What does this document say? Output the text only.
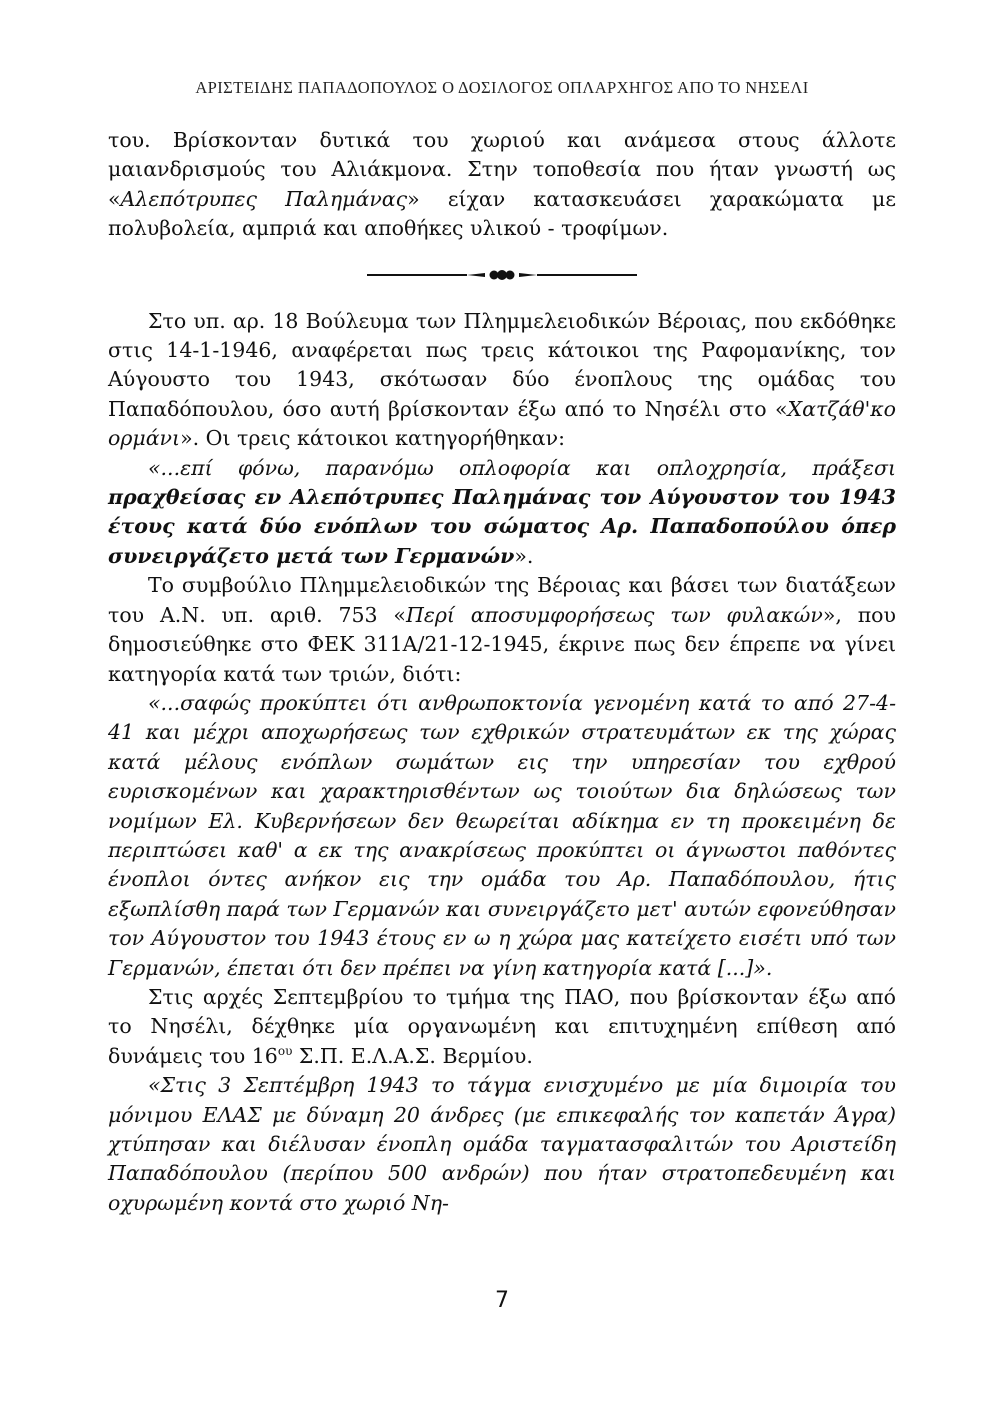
ΑΡΙΣΤΕΙΔΗΣ ΠΑΠΑΔΟΠΟΥΛΟΣ Ο ΔΟΣΙΛΟΓΟΣ ΟΠΛΑΡΧΗΓΟΣ ΑΠΟ ΤΟ ΝΗΣΕΛΙ

του. Βρίσκονταν δυτικά του χωριού και ανάμεσα στους άλλοτε μαιανδρισμούς του Αλιάκμονα. Στην τοποθεσία που ήταν γνωστή ως «Αλεπότρυπες Παλημάνας» είχαν κατασκευάσει χαρακώματα με πολυβολεία, αμπριά και αποθήκες υλικού - τροφίμων.

Στο υπ. αρ. 18 Βούλευμα των Πλημμελειοδικών Βέροιας, που εκδόθηκε στις 14-1-1946, αναφέρεται πως τρεις κάτοικοι της Ραφομανίκης, τον Αύγουστο του 1943, σκότωσαν δύο ένοπλους της ομάδας του Παπαδόπουλου, όσο αυτή βρίσκονταν έξω από το Νησέλι στο «Χατζάθ'κο ορμάνι». Οι τρεις κάτοικοι κατηγορήθηκαν:

«...επί φόνω, παρανόμω οπλοφορία και οπλοχρησία, πράξεσι πραχθείσας εν Αλεπότρυπες Παλημάνας τον Αύγουστον του 1943 έτους κατά δύο ενόπλων του σώματος Αρ. Παπαδοπούλου όπερ συνειργάζετο μετά των Γερμανών».

Το συμβούλιο Πλημμελειοδικών της Βέροιας και βάσει των διατάξεων του Α.Ν. υπ. αριθ. 753 «Περί αποσυμφορήσεως των φυλακών», που δημοσιεύθηκε στο ΦΕΚ 311Α/21-12-1945, έκρινε πως δεν έπρεπε να γίνει κατηγορία κατά των τριών, διότι:

«...σαφώς προκύπτει ότι ανθρωποκτονία γενομένη κατά το από 27-4-41 και μέχρι αποχωρήσεως των εχθρικών στρατευμάτων εκ της χώρας κατά μέλους ενόπλων σωμάτων εις την υπηρεσίαν του εχθρού ευρισκομένων και χαρακτηρισθέντων ως τοιούτων δια δηλώσεως των νομίμων Ελ. Κυβερνήσεων δεν θεωρείται αδίκημα εν τη προκειμένη δε περιπτώσει καθ' α εκ της ανακρίσεως προκύπτει οι άγνωστοι παθόντες ένοπλοι όντες ανήκον εις την ομάδα του Αρ. Παπαδόπουλου, ήτις εξωπλίσθη παρά των Γερμανών και συνειργάζετο μετ' αυτών εφονεύθησαν τον Αύγουστον του 1943 έτους εν ω η χώρα μας κατείχετο εισέτι υπό των Γερμανών, έπεται ότι δεν πρέπει να γίνη κατηγορία κατά [...]».

Στις αρχές Σεπτεμβρίου το τμήμα της ΠΑΟ, που βρίσκονταν έξω από το Νησέλι, δέχθηκε μία οργανωμένη και επιτυχημένη επίθεση από δυνάμεις του $16^{o\upsilon}$ Σ.Π. Ε.Λ.Α.Σ. Βερμίου.

«Στις 3 Σεπτέμβρη 1943 το τάγμα ενισχυμένο με μία διμοιρία του μόνιμου ΕΛΑΣ με δύναμη 20 άνδρες (με επικεφαλής τον καπετάν Άγρα) χτύπησαν και διέλυσαν ένοπλη ομάδα ταγματασφαλιτών του Αριστείδη Παπαδόπουλου (περίπου 500 ανδρών) που ήταν στρατοπεδευμένη και οχυρωμένη κοντά στο χωριό Νη-

7
